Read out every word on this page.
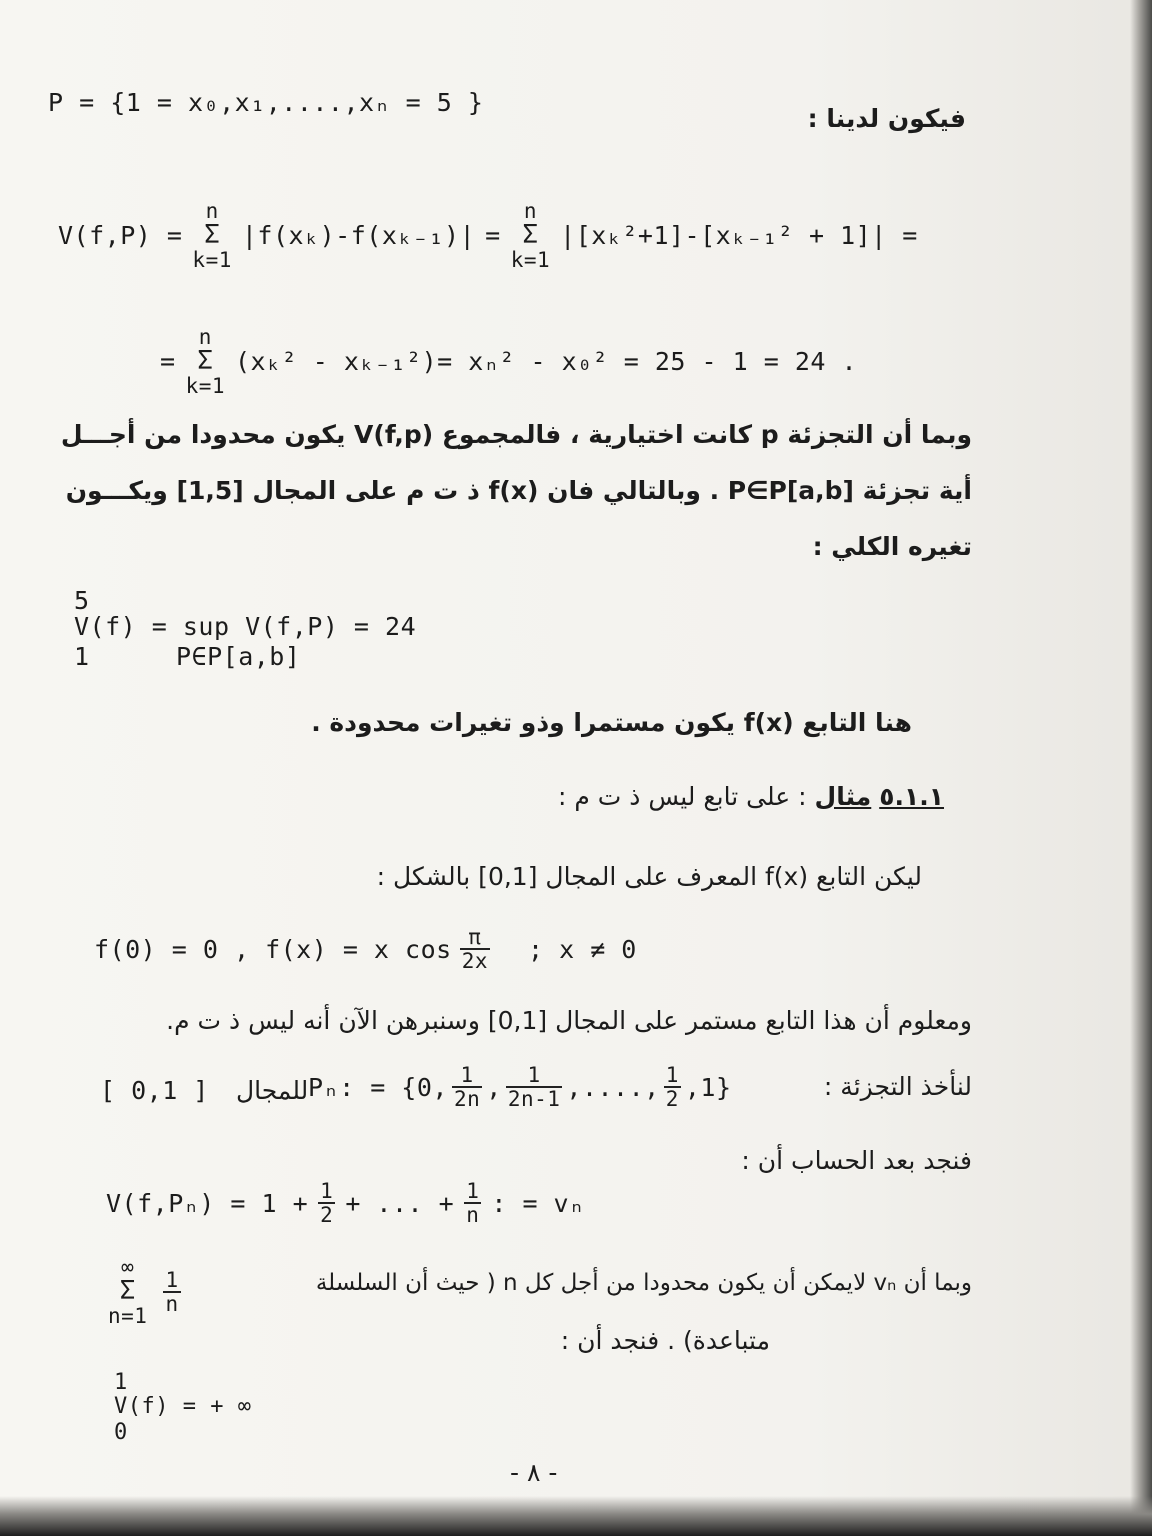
P = {1 = x₀,x₁,....,xₙ = 5 }
فيكون لدينا :
V(f,P) =
n
Σ
k=1
|f(xₖ)-f(xₖ₋₁)| =
n
Σ
k=1
|[xₖ²+1]-[xₖ₋₁² + 1]| =
=
n
Σ
k=1
(xₖ² - xₖ₋₁²)= xₙ² - x₀² = 25 - 1 = 24 .
وبما أن التجزئة p كانت اختيارية ، فالمجموع V(f,p) يكون محدودا من أجـــل
أية تجزئة P∈P[a,b] . وبالتالي فان f(x) ذ ت م على المجال [1,5] ويكـــون
تغيره الكلي :
5
V(f) = sup V(f,P) = 24
1	P∈P[a,b]
هنا التابع f(x) يكون مستمرا وذو تغيرات محدودة .
٥.١.١ مثال : على تابع ليس ذ ت م :
ليكن التابع f(x) المعرف على المجال [0,1] بالشكل :
f(0) = 0 , f(x) = x $\cos \frac{\pi}{2x}$ ; x ≠ 0
ومعلوم أن هذا التابع مستمر على المجال [0,1] وسنبرهن الآن أنه ليس ذ ت م.
لنأخذ التجزئة :
Pₙ: = {0, $\frac{1}{2n}$ , $\frac{1}{2n-1}$ ,...., $\frac{1}{2} ,1$}
للمجال
[ 0,1 ]
فنجد بعد الحساب أن :
$V(f,P_n) = 1 + \frac{1}{2}$ + ... + $\frac{1}{n}$ : = vₙ
∞
Σ
n=1
$\frac{1}{n}$	وبما أن vₙ لايمكن أن يكون محدودا من أجل كل n ( حيث أن السلسلة
متباعدة) . فنجد أن :
1
V(f) = + ∞
0
- ٨ -
